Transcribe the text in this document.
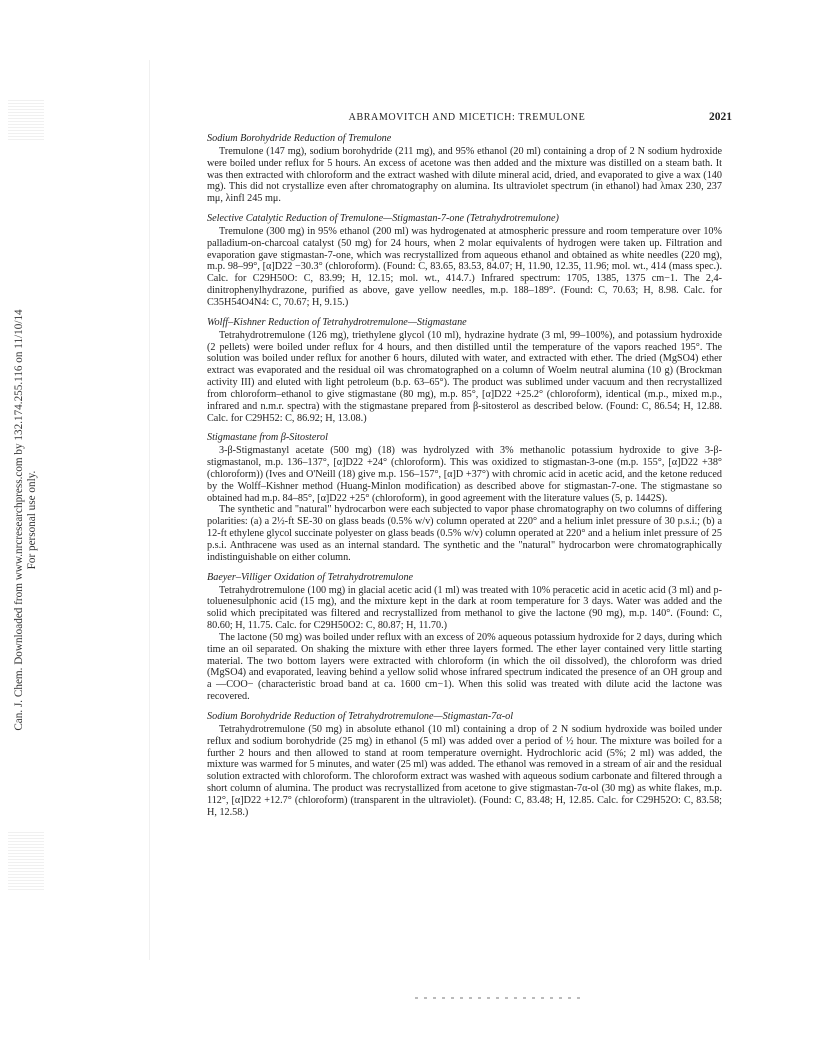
Can. J. Chem. Downloaded from www.nrcresearchpress.com by 132.174.255.116 on 11/10/14 For personal use only.
ABRAMOVITCH AND MICETICH: TREMULONE	2021

Sodium Borohydride Reduction of Tremulone

Tremulone (147 mg), sodium borohydride (211 mg), and 95% ethanol (20 ml) containing a drop of 2 N sodium hydroxide were boiled under reflux for 5 hours. An excess of acetone was then added and the mixture was distilled on a steam bath. It was then extracted with chloroform and the extract washed with dilute mineral acid, dried, and evaporated to give a wax (140 mg). This did not crystallize even after chromatography on alumina. Its ultraviolet spectrum (in ethanol) had λmax 230, 237 mμ, λinfl 245 mμ.

Selective Catalytic Reduction of Tremulone—Stigmastan-7-one (Tetrahydrotremulone)

Tremulone (300 mg) in 95% ethanol (200 ml) was hydrogenated at atmospheric pressure and room temperature over 10% palladium-on-charcoal catalyst (50 mg) for 24 hours, when 2 molar equivalents of hydrogen were taken up. Filtration and evaporation gave stigmastan-7-one, which was recrystallized from aqueous ethanol and obtained as white needles (220 mg), m.p. 98–99°, [α]D22 −30.3° (chloroform). (Found: C, 83.65, 83.53, 84.07; H, 11.90, 12.35, 11.96; mol. wt., 414 (mass spec.). Calc. for C29H50O: C, 83.99; H, 12.15; mol. wt., 414.7.) Infrared spectrum: 1705, 1385, 1375 cm−1. The 2,4-dinitrophenylhydrazone, purified as above, gave yellow needles, m.p. 188–189°. (Found: C, 70.63; H, 8.98. Calc. for C35H54O4N4: C, 70.67; H, 9.15.)

Wolff–Kishner Reduction of Tetrahydrotremulone—Stigmastane

Tetrahydrotremulone (126 mg), triethylene glycol (10 ml), hydrazine hydrate (3 ml, 99–100%), and potassium hydroxide (2 pellets) were boiled under reflux for 4 hours, and then distilled until the temperature of the vapors reached 195°. The solution was boiled under reflux for another 6 hours, diluted with water, and extracted with ether. The dried (MgSO4) ether extract was evaporated and the residual oil was chromatographed on a column of Woelm neutral alumina (10 g) (Brockman activity III) and eluted with light petroleum (b.p. 63–65°). The product was sublimed under vacuum and then recrystallized from chloroform–ethanol to give stigmastane (80 mg), m.p. 85°, [α]D22 +25.2° (chloroform), identical (m.p., mixed m.p., infrared and n.m.r. spectra) with the stigmastane prepared from β-sitosterol as described below. (Found: C, 86.54; H, 12.88. Calc. for C29H52: C, 86.92; H, 13.08.)

Stigmastane from β-Sitosterol

3-β-Stigmastanyl acetate (500 mg) (18) was hydrolyzed with 3% methanolic potassium hydroxide to give 3-β-stigmastanol, m.p. 136–137°, [α]D22 +24° (chloroform). This was oxidized to stigmastan-3-one (m.p. 155°, [α]D22 +38° (chloroform)) (Ives and O'Neill (18) give m.p. 156–157°, [α]D +37°) with chromic acid in acetic acid, and the ketone reduced by the Wolff–Kishner method (Huang-Minlon modification) as described above for stigmastan-7-one. The stigmastane so obtained had m.p. 84–85°, [α]D22 +25° (chloroform), in good agreement with the literature values (5, p. 1442S).

The synthetic and "natural" hydrocarbon were each subjected to vapor phase chromatography on two columns of differing polarities: (a) a 2½-ft SE-30 on glass beads (0.5% w/v) column operated at 220° and a helium inlet pressure of 30 p.s.i.; (b) a 12-ft ethylene glycol succinate polyester on glass beads (0.5% w/v) column operated at 220° and a helium inlet pressure of 25 p.s.i. Anthracene was used as an internal standard. The synthetic and the "natural" hydrocarbon were chromatographically indistinguishable on either column.

Baeyer–Villiger Oxidation of Tetrahydrotremulone

Tetrahydrotremulone (100 mg) in glacial acetic acid (1 ml) was treated with 10% peracetic acid in acetic acid (3 ml) and p-toluenesulphonic acid (15 mg), and the mixture kept in the dark at room temperature for 3 days. Water was added and the solid which precipitated was filtered and recrystallized from methanol to give the lactone (90 mg), m.p. 140°. (Found: C, 80.60; H, 11.75. Calc. for C29H50O2: C, 80.87; H, 11.70.)

The lactone (50 mg) was boiled under reflux with an excess of 20% aqueous potassium hydroxide for 2 days, during which time an oil separated. On shaking the mixture with ether three layers formed. The ether layer contained very little starting material. The two bottom layers were extracted with chloroform (in which the oil dissolved), the chloroform was dried (MgSO4) and evaporated, leaving behind a yellow solid whose infrared spectrum indicated the presence of an OH group and a —COO− (characteristic broad band at ca. 1600 cm−1). When this solid was treated with dilute acid the lactone was recovered.

Sodium Borohydride Reduction of Tetrahydrotremulone—Stigmastan-7α-ol

Tetrahydrotremulone (50 mg) in absolute ethanol (10 ml) containing a drop of 2 N sodium hydroxide was boiled under reflux and sodium borohydride (25 mg) in ethanol (5 ml) was added over a period of ½ hour. The mixture was boiled for a further 2 hours and then allowed to stand at room temperature overnight. Hydrochloric acid (5%; 2 ml) was added, the mixture was warmed for 5 minutes, and water (25 ml) was added. The ethanol was removed in a stream of air and the residual solution extracted with chloroform. The chloroform extract was washed with aqueous sodium carbonate and filtered through a short column of alumina. The product was recrystallized from acetone to give stigmastan-7α-ol (30 mg) as white flakes, m.p. 112°, [α]D22 +12.7° (chloroform) (transparent in the ultraviolet). (Found: C, 83.48; H, 12.85. Calc. for C29H52O: C, 83.58; H, 12.58.)
